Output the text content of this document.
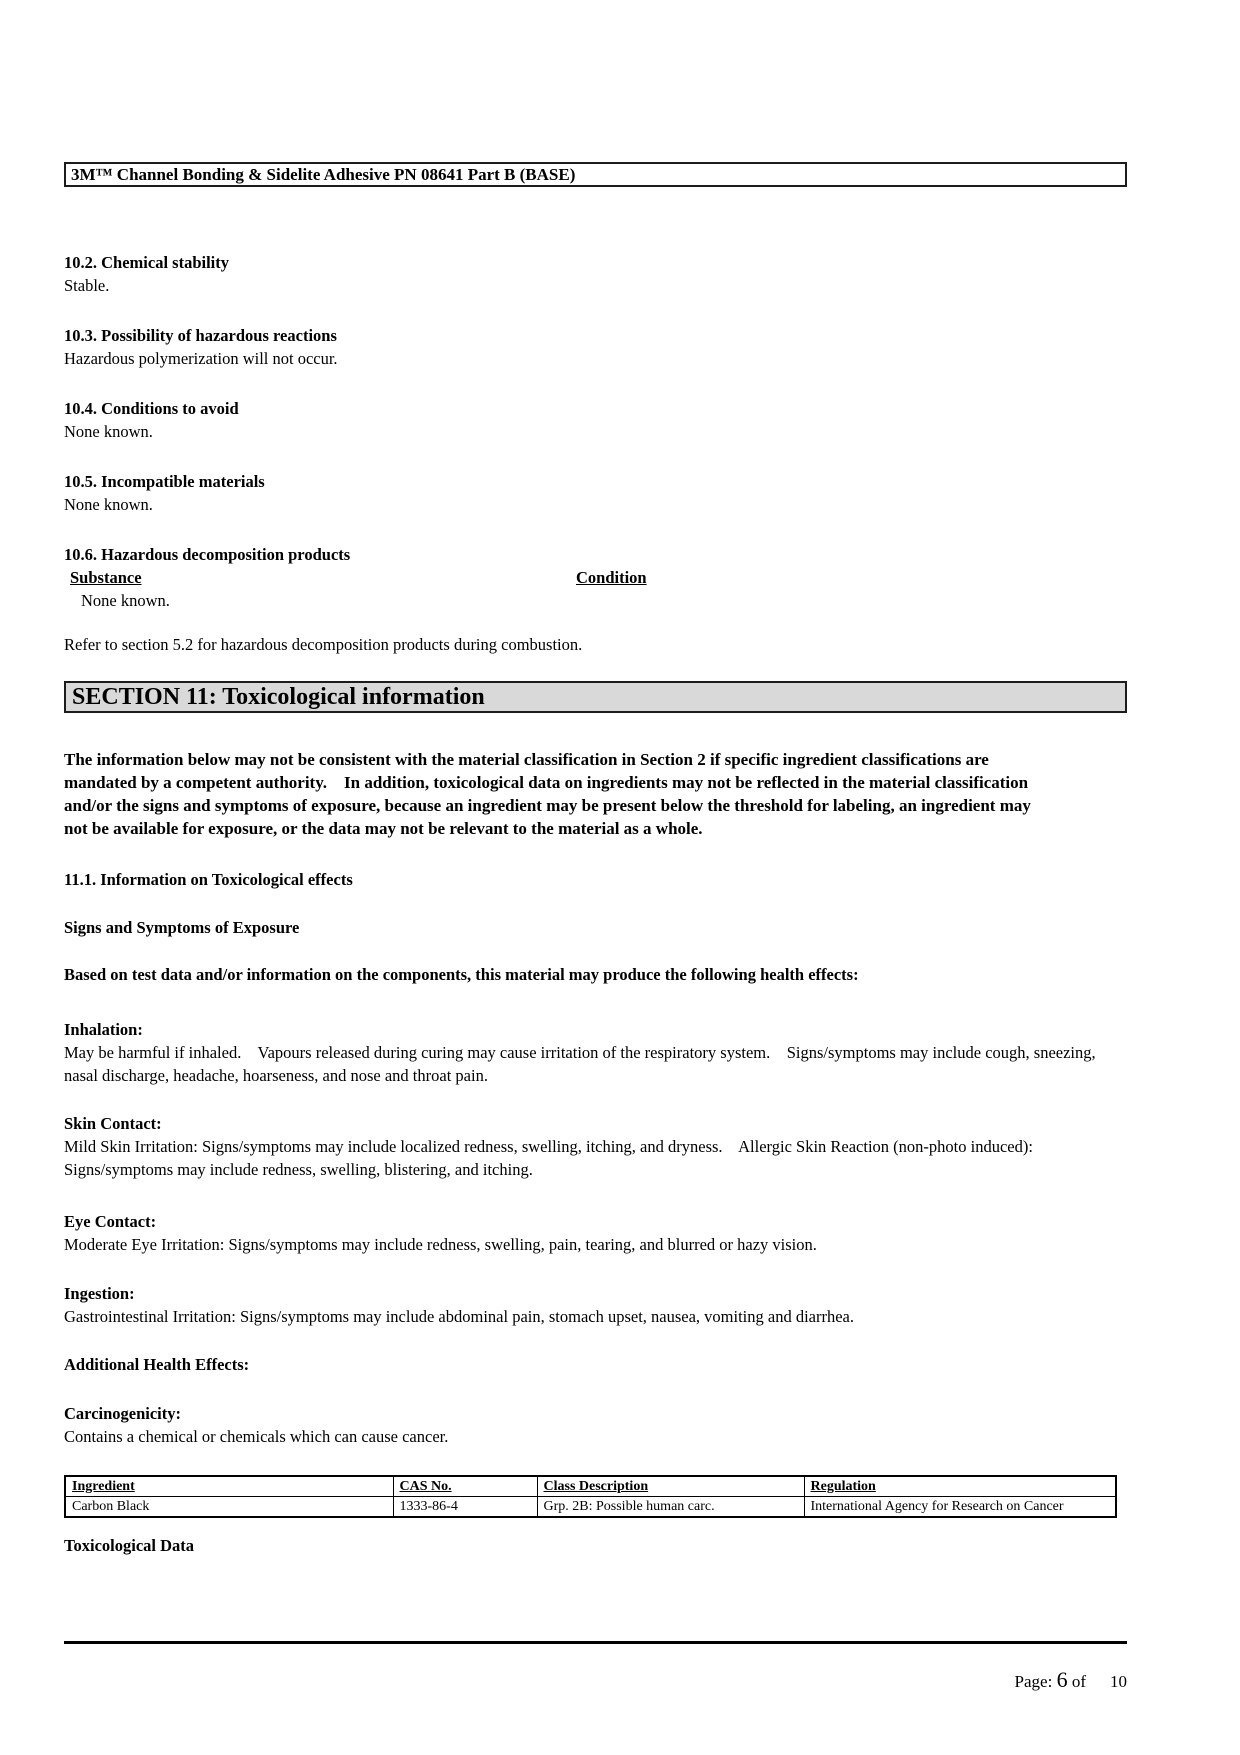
3M™ Channel Bonding & Sidelite Adhesive PN 08641 Part B (BASE)
10.2. Chemical stability
Stable.
10.3. Possibility of hazardous reactions
Hazardous polymerization will not occur.
10.4. Conditions to avoid
None known.
10.5. Incompatible materials
None known.
10.6. Hazardous decomposition products
Substance	Condition
None known.
Refer to section 5.2 for hazardous decomposition products during combustion.
SECTION 11: Toxicological information
The information below may not be consistent with the material classification in Section 2 if specific ingredient classifications are mandated by a competent authority.    In addition, toxicological data on ingredients may not be reflected in the material classification and/or the signs and symptoms of exposure, because an ingredient may be present below the threshold for labeling, an ingredient may not be available for exposure, or the data may not be relevant to the material as a whole.
11.1. Information on Toxicological effects
Signs and Symptoms of Exposure
Based on test data and/or information on the components, this material may produce the following health effects:
Inhalation:
May be harmful if inhaled.    Vapours released during curing may cause irritation of the respiratory system.    Signs/symptoms may include cough, sneezing, nasal discharge, headache, hoarseness, and nose and throat pain.
Skin Contact:
Mild Skin Irritation: Signs/symptoms may include localized redness, swelling, itching, and dryness.    Allergic Skin Reaction (non-photo induced): Signs/symptoms may include redness, swelling, blistering, and itching.
Eye Contact:
Moderate Eye Irritation: Signs/symptoms may include redness, swelling, pain, tearing, and blurred or hazy vision.
Ingestion:
Gastrointestinal Irritation: Signs/symptoms may include abdominal pain, stomach upset, nausea, vomiting and diarrhea.
Additional Health Effects:
Carcinogenicity:
Contains a chemical or chemicals which can cause cancer.
Ingredient	CAS No.	Class Description	Regulation
Carbon Black	1333-86-4	Grp. 2B: Possible human carc.	International Agency for Research on Cancer
Toxicological Data
Page: 6 of 10
